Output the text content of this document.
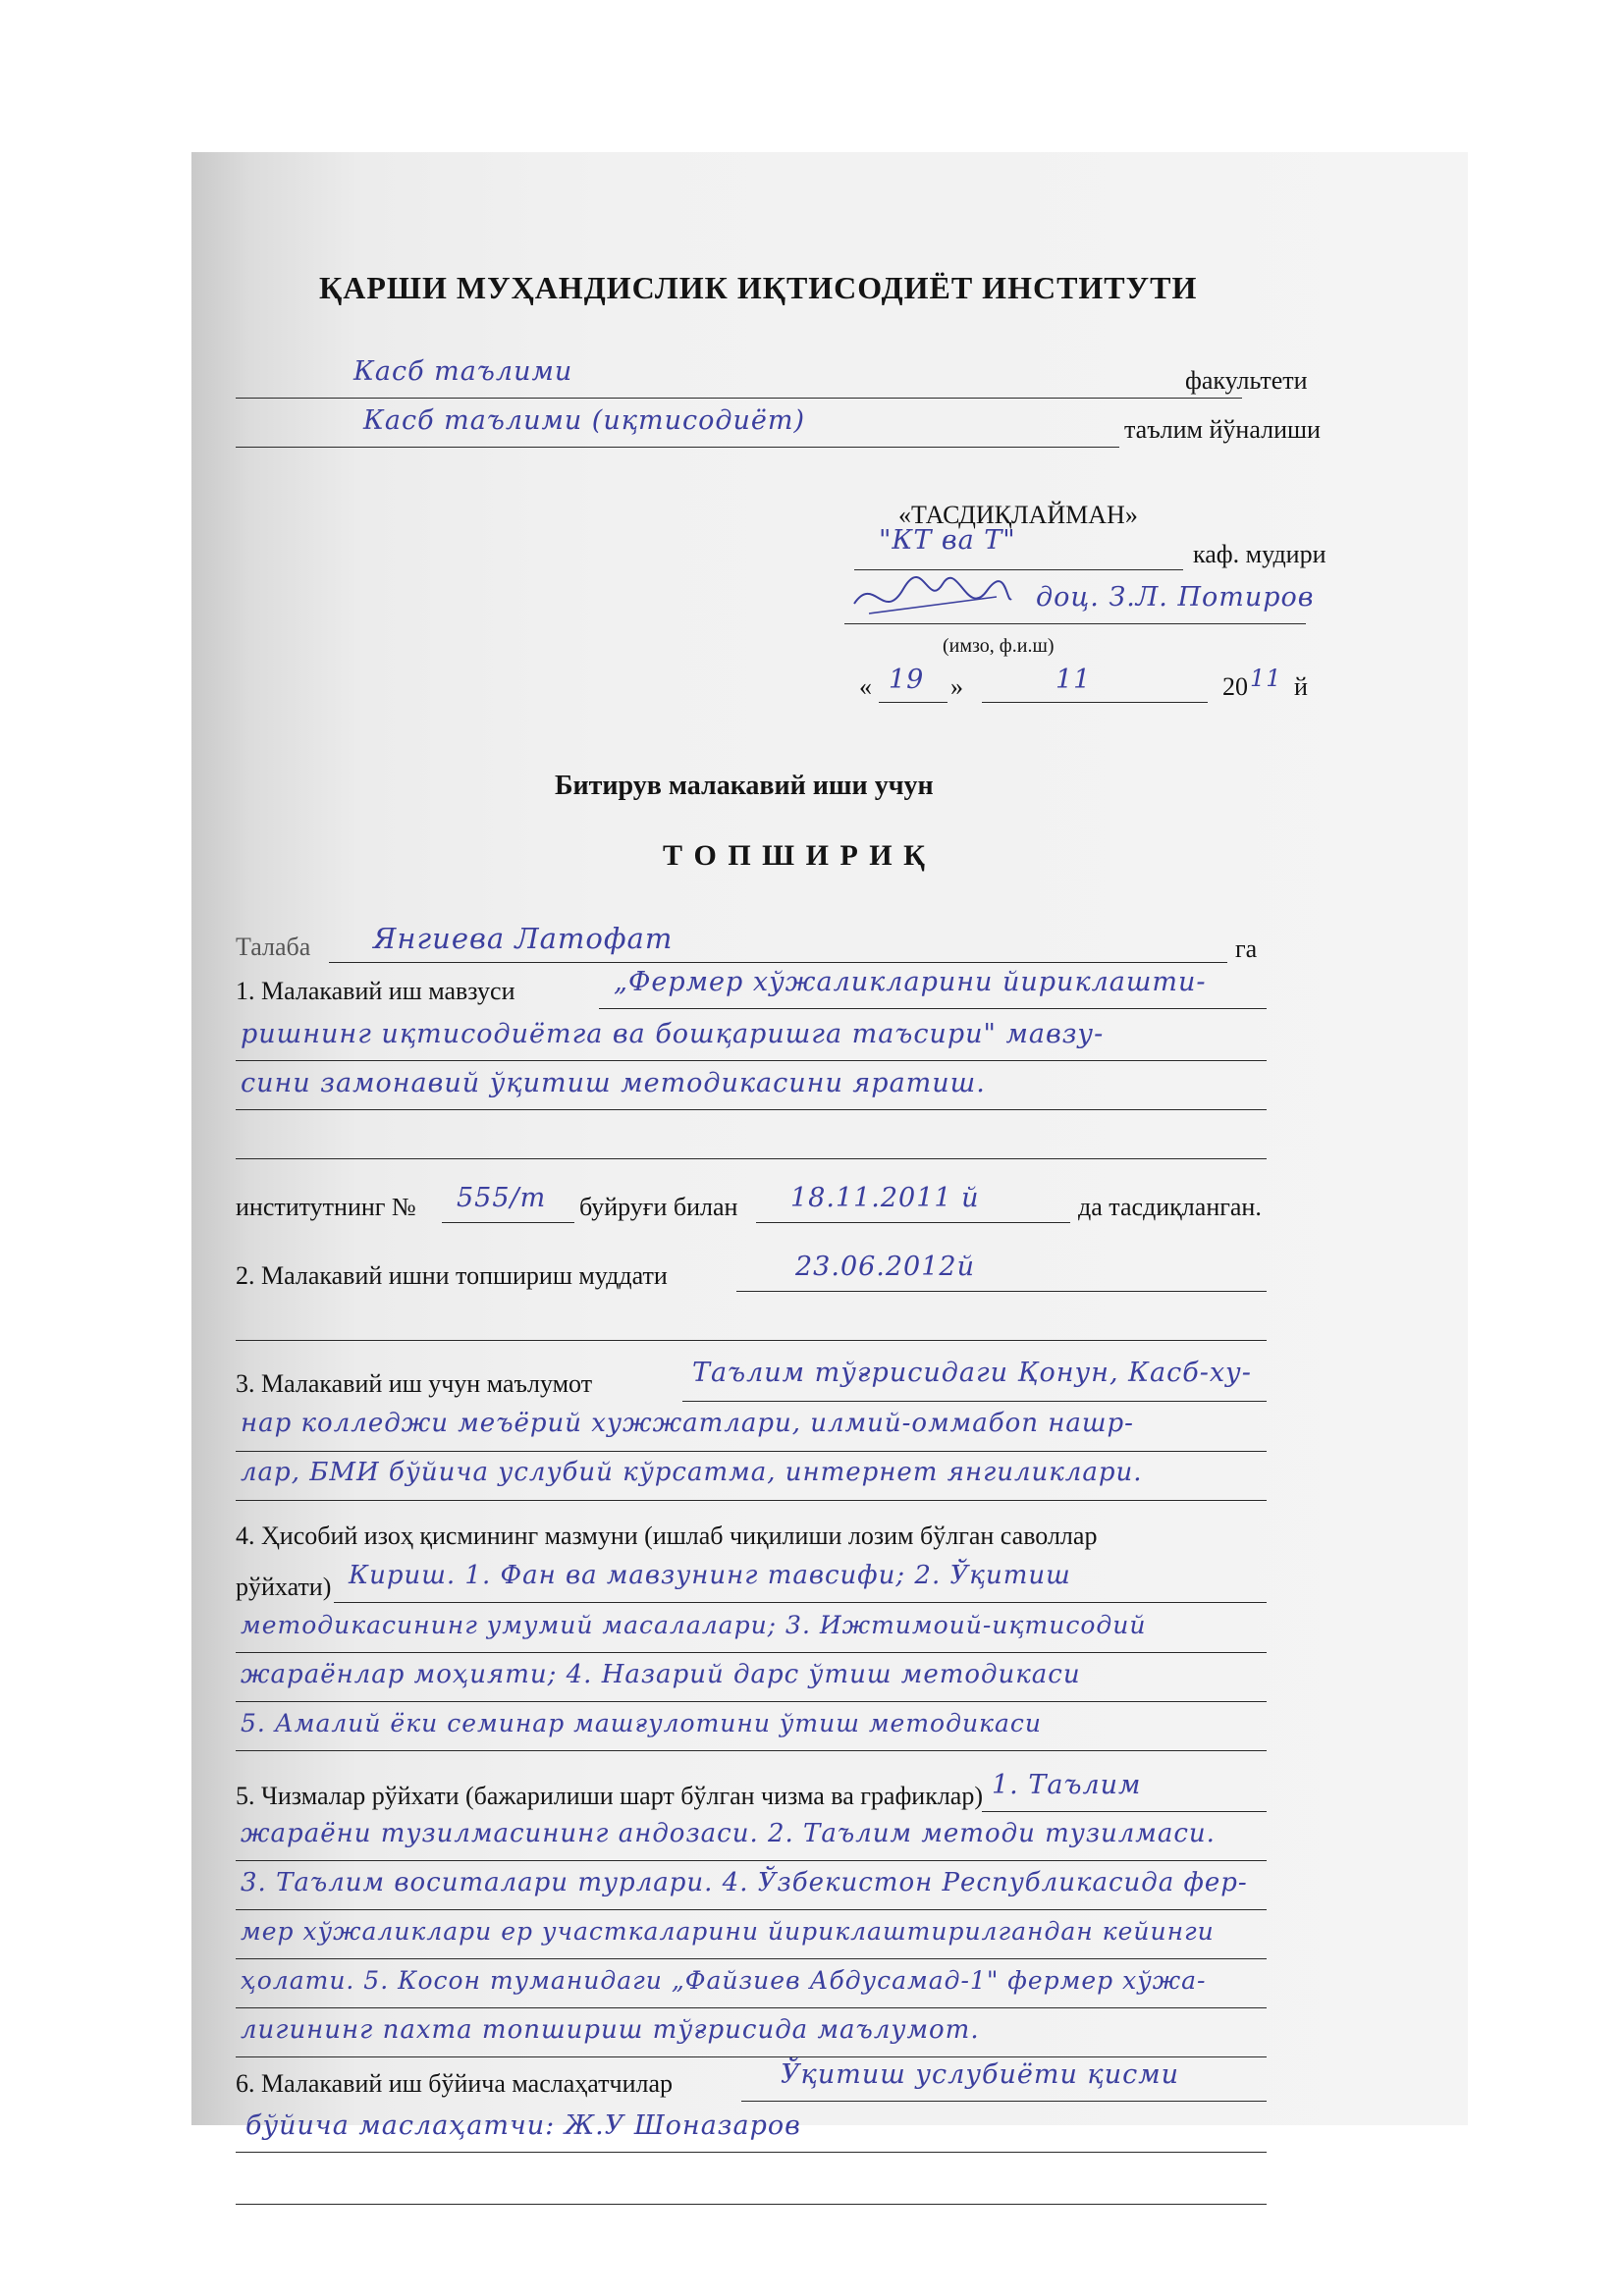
ҚАРШИ МУҲАНДИСЛИК ИҚТИСОДИЁТ ИНСТИТУТИ
Касб таълими	факультети
Касб таълими (иқтисодиёт)	таълим йўналиши
«ТАСДИҚЛАЙМАН»
"КТ ва Т"	каф. мудири
доц. З.Л. Потиров
(имзо, ф.и.ш)
« 19 »	11	20 11 й
Битирув малакавий иши учун
Т О П Ш И Р И Қ
Талаба Янгиева Латофат	га
1. Малакавий иш мавзуси	„Фермер хўжаликларини йириклашти-
ришнинг иқтисодиётга ва бошқаришга таъсири" мавзу-
сини замонавий ўқитиш методикасини яратиш.
институтнинг № 555/т буйруғи билан 18.11.2011 й	да тасдиқланган.
2. Малакавий ишни топшириш муддати	23.06.2012й
3. Малакавий иш учун маълумот	Таълим тўғрисидаги Қонун, Касб-ху-
нар колледжи меъёрий хужжатлари, илмий-оммабоп нашр-
лар, БМИ бўйича услубий кўрсатма, интернет янгиликлари.
4. Ҳисобий изоҳ қисмининг мазмуни (ишлаб чиқилиши лозим бўлган саволлар
рўйхати) Кириш. 1. Фан ва мавзунинг тавсифи; 2. Ўқитиш
методикасининг умумий масалалари; 3. Ижтимоий-иқтисодий
жараёнлар моҳияти; 4. Назарий дарс ўтиш методикаси
5. Амалий ёки семинар машғулотини ўтиш методикаси
5. Чизмалар рўйхати (бажарилиши шарт бўлган чизма ва графиклар) 1. Таълим
жараёни тузилмасининг андозаси. 2. Таълим методи тузилмаси.
3. Таълим воситалари турлари. 4. Ўзбекистон Республикасида фер-
мер хўжаликлари ер участкаларини йириклаштирилгандан кейинги
ҳолати. 5. Косон туманидаги „Файзиев Абдусамад-1" фермер хўжа-
лигининг пахта топшириш тўғрисида маълумот.
6. Малакавий иш бўйича маслаҳатчилар	Ўқитиш услубиёти қисми
бўйича маслаҳатчи: Ж.У Шоназаров
